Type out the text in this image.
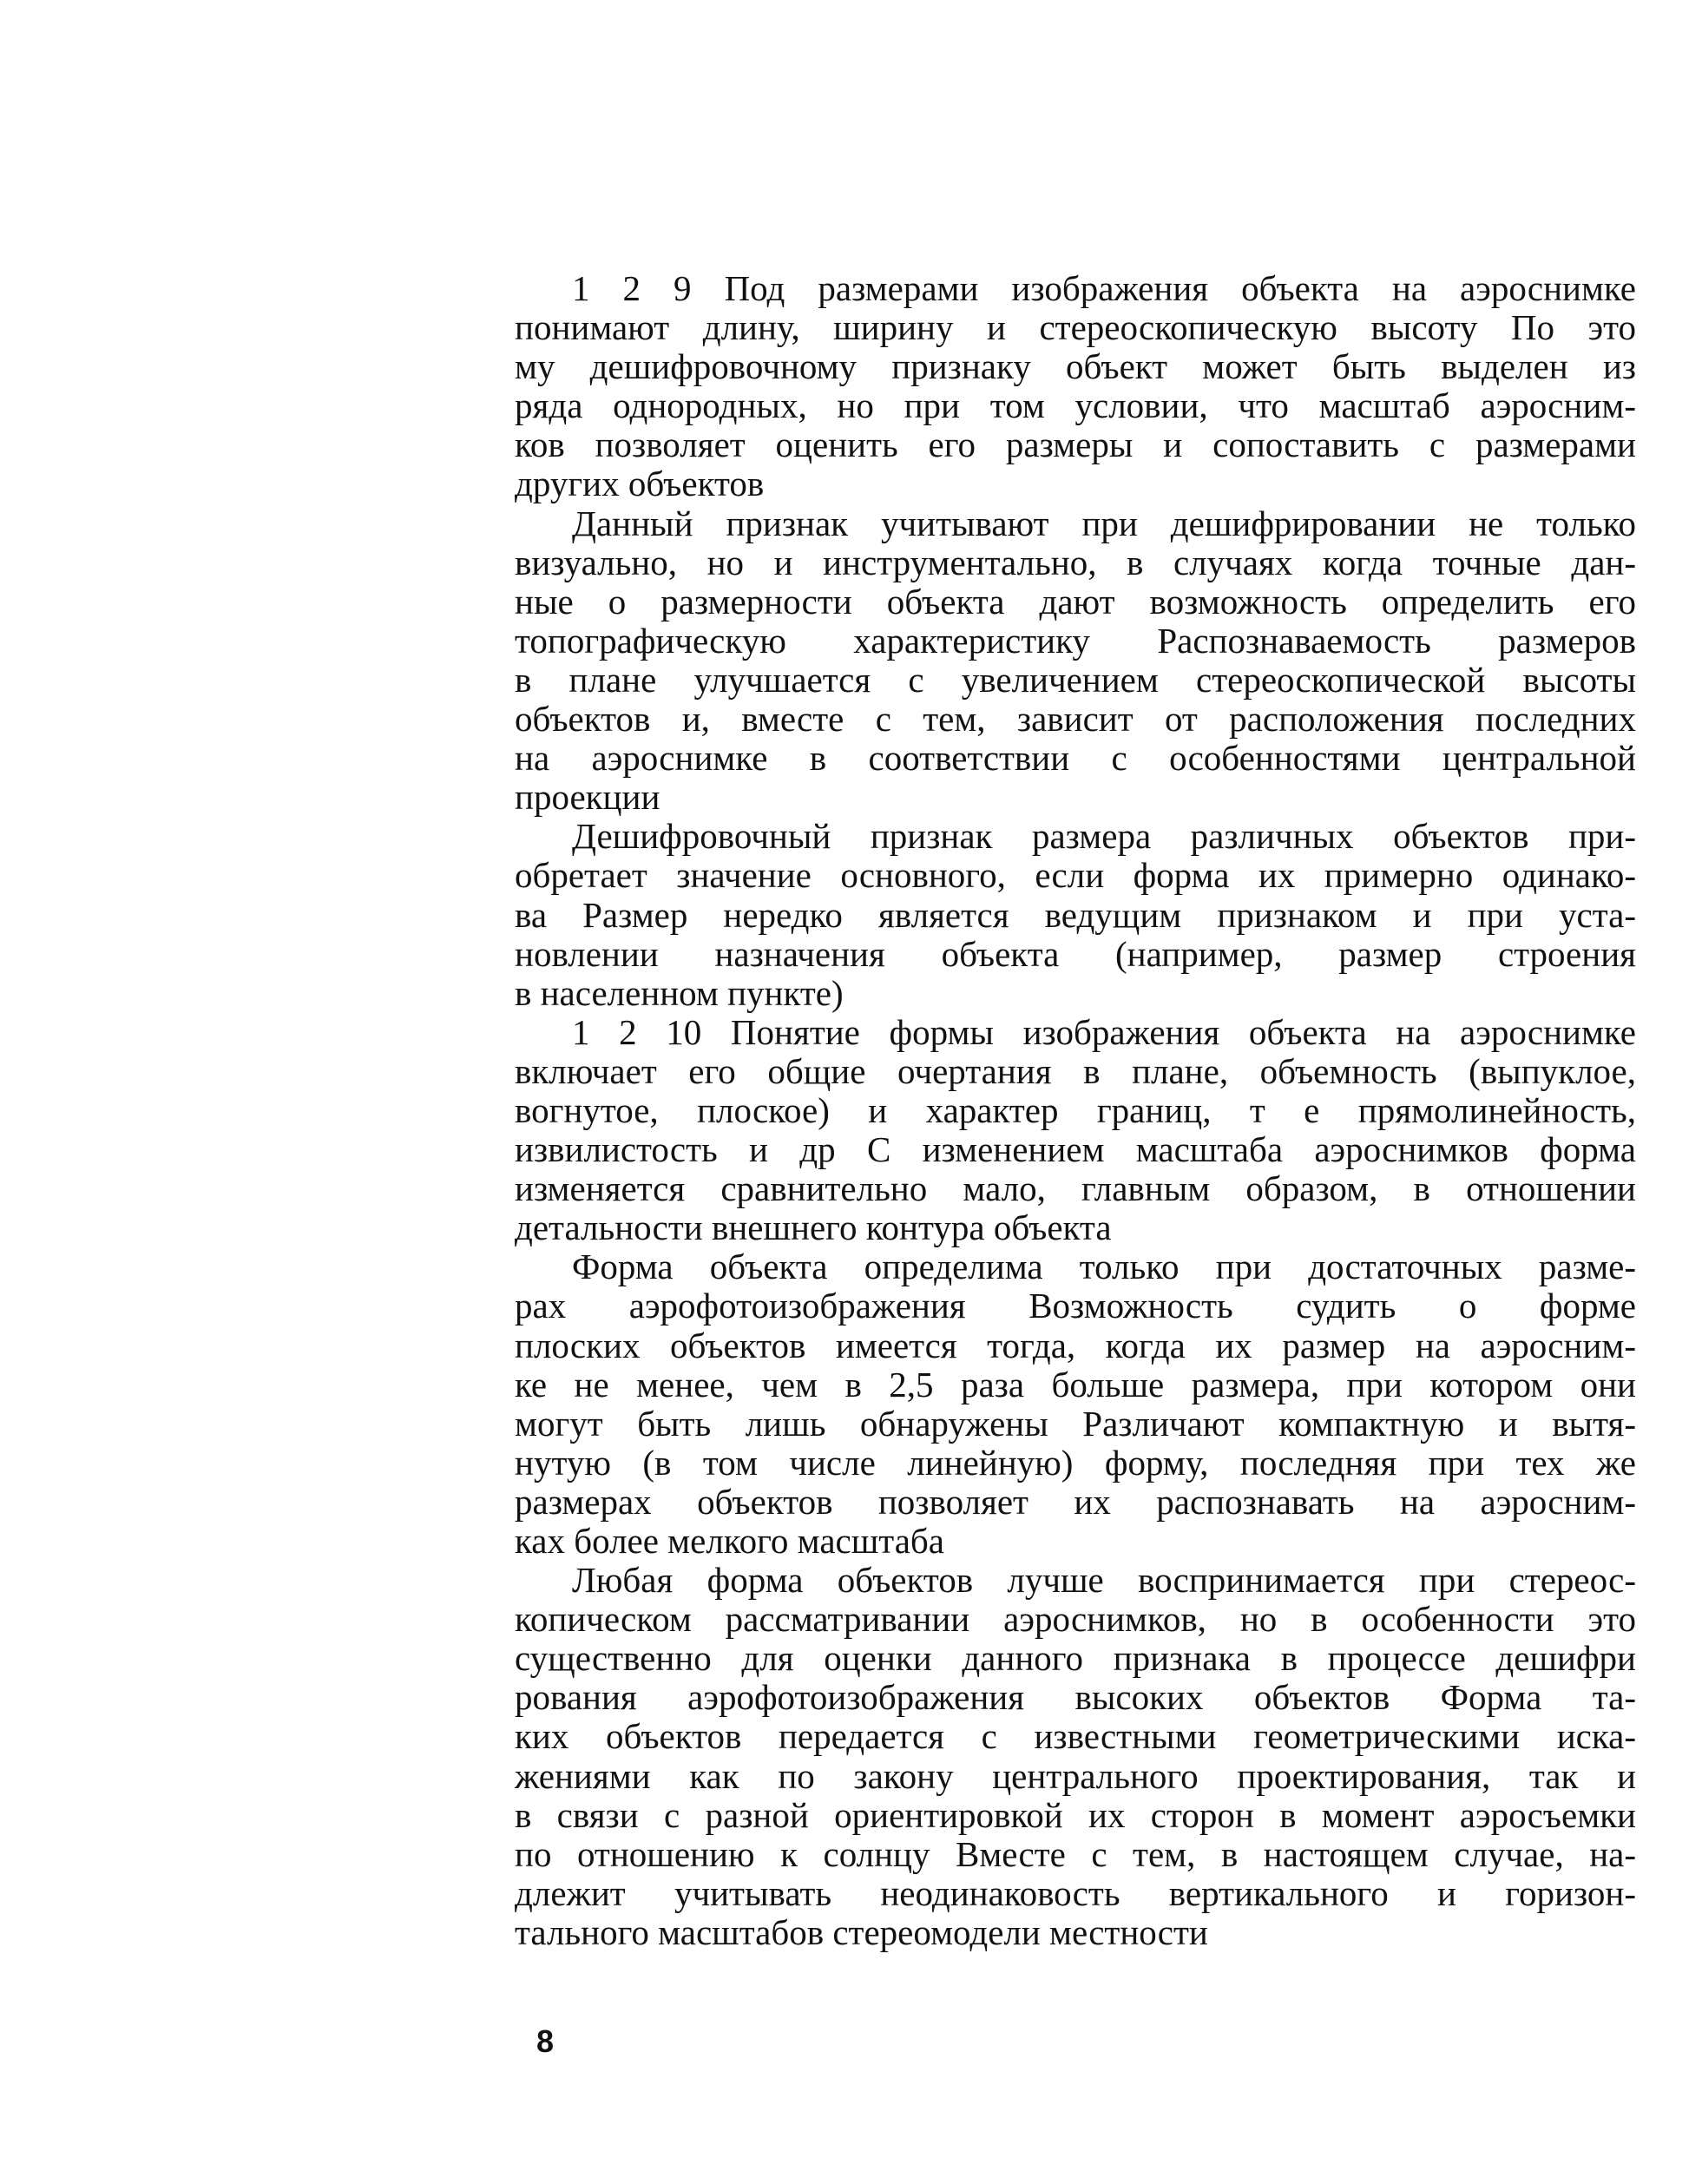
1 2 9 Под размерами изображения объекта на аэроснимке
понимают длину, ширину и стереоскопическую высоту По это
му дешифровочному признаку объект может быть выделен из
ряда однородных, но при том условии, что масштаб аэросним-
ков позволяет оценить его размеры и сопоставить с размерами
других объектов

Данный признак учитывают при дешифрировании не только
визуально, но и инструментально, в случаях когда точные дан-
ные о размерности объекта дают возможность определить его
топографическую характеристику Распознаваемость размеров
в плане улучшается с увеличением стереоскопической высоты
объектов и, вместе с тем, зависит от расположения последних
на аэроснимке в соответствии с особенностями центральной
проекции

Дешифровочный признак размера различных объектов при-
обретает значение основного, если форма их примерно одинако-
ва Размер нередко является ведущим признаком и при уста-
новлении назначения объекта (например, размер строения
в населенном пункте)

1 2 10 Понятие формы изображения объекта на аэроснимке
включает его общие очертания в плане, объемность (выпуклое,
вогнутое, плоское) и характер границ, т е прямолинейность,
извилистость и др С изменением масштаба аэроснимков форма
изменяется сравнительно мало, главным образом, в отношении
детальности внешнего контура объекта

Форма объекта определима только при достаточных разме-
рах аэрофотоизображения Возможность судить о форме
плоских объектов имеется тогда, когда их размер на аэросним-
ке не менее, чем в 2,5 раза больше размера, при котором они
могут быть лишь обнаружены Различают компактную и вытя-
нутую (в том числе линейную) форму, последняя при тех же
размерах объектов позволяет их распознавать на аэросним-
ках более мелкого масштаба

Любая форма объектов лучше воспринимается при стереос-
копическом рассматривании аэроснимков, но в особенности это
существенно для оценки данного признака в процессе дешифри
рования аэрофотоизображения высоких объектов Форма та-
ких объектов передается с известными геометрическими иска-
жениями как по закону центрального проектирования, так и
в связи с разной ориентировкой их сторон в момент аэросъемки
по отношению к солнцу Вместе с тем, в настоящем случае, на-
длежит учитывать неодинаковость вертикального и горизон-
тального масштабов стереомодели местности

8
